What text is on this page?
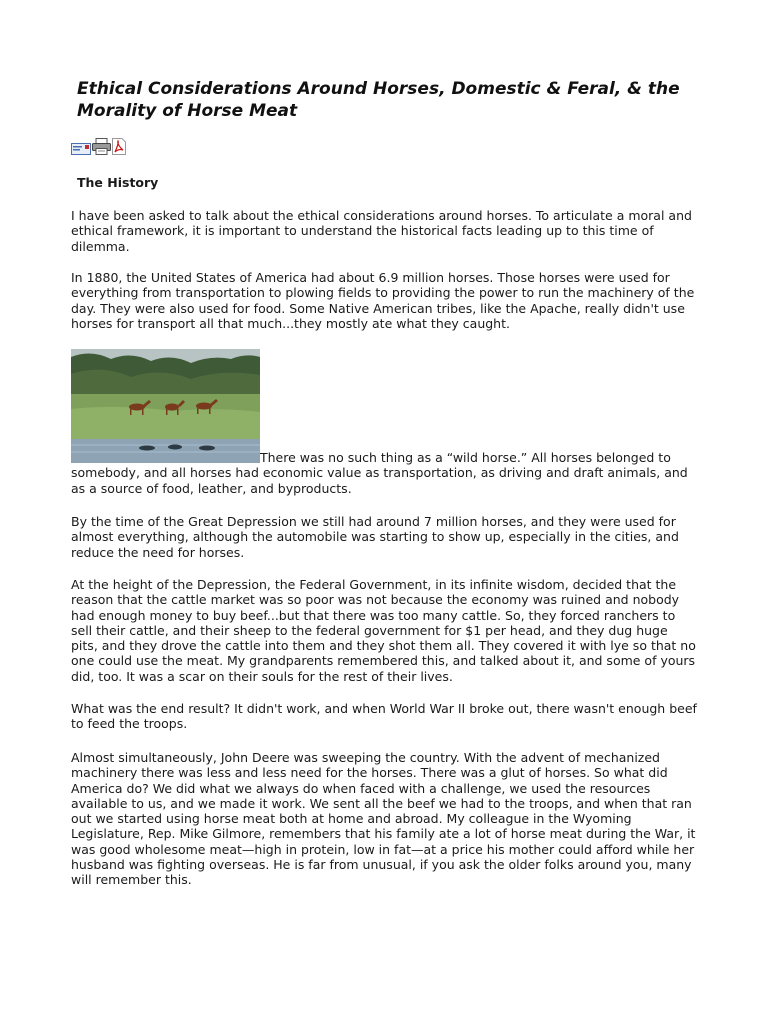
Ethical Considerations Around Horses, Domestic & Feral, & the Morality of Horse Meat
The History

I have been asked to talk about the ethical considerations around horses. To articulate a moral and ethical framework, it is important to understand the historical facts leading up to this time of dilemma.

In 1880, the United States of America had about 6.9 million horses. Those horses were used for everything from transportation to plowing fields to providing the power to run the machinery of the day. They were also used for food. Some Native American tribes, like the Apache, really didn't use horses for transport all that much...they mostly ate what they caught.

There was no such thing as a “wild horse.” All horses belonged to somebody, and all horses had economic value as transportation, as driving and draft animals, and as a source of food, leather, and byproducts.

By the time of the Great Depression we still had around 7 million horses, and they were used for almost everything, although the automobile was starting to show up, especially in the cities, and reduce the need for horses.

At the height of the Depression, the Federal Government, in its infinite wisdom, decided that the reason that the cattle market was so poor was not because the economy was ruined and nobody had enough money to buy beef...but that there was too many cattle. So, they forced ranchers to sell their cattle, and their sheep to the federal government for $1 per head, and they dug huge pits, and they drove the cattle into them and they shot them all. They covered it with lye so that no one could use the meat. My grandparents remembered this, and talked about it, and some of yours did, too. It was a scar on their souls for the rest of their lives.

What was the end result? It didn't work, and when World War II broke out, there wasn't enough beef to feed the troops.

Almost simultaneously, John Deere was sweeping the country. With the advent of mechanized machinery there was less and less need for the horses. There was a glut of horses. So what did America do? We did what we always do when faced with a challenge, we used the resources available to us, and we made it work. We sent all the beef we had to the troops, and when that ran out we started using horse meat both at home and abroad. My colleague in the Wyoming Legislature, Rep. Mike Gilmore, remembers that his family ate a lot of horse meat during the War, it was good wholesome meat—high in protein, low in fat—at a price his mother could afford while her husband was fighting overseas. He is far from unusual, if you ask the older folks around you, many will remember this.
